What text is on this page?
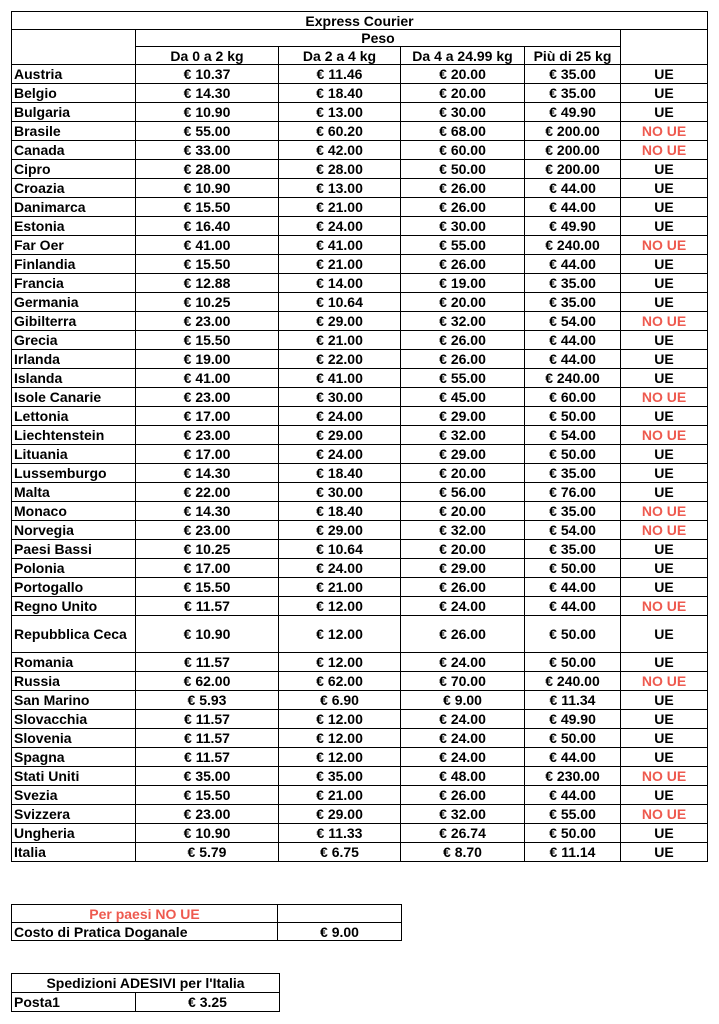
Express Courier					
	Peso				
	Da 0 a 2 kg	Da 2 a 4 kg	Da 4 a 24.99 kg	Più di 25 kg	
Austria	€ 10.37	€ 11.46	€ 20.00	€ 35.00	UE
Belgio	€ 14.30	€ 18.40	€ 20.00	€ 35.00	UE
Bulgaria	€ 10.90	€ 13.00	€ 30.00	€ 49.90	UE
Brasile	€ 55.00	€ 60.20	€ 68.00	€ 200.00	NO UE
Canada	€ 33.00	€ 42.00	€ 60.00	€ 200.00	NO UE
Cipro	€ 28.00	€ 28.00	€ 50.00	€ 200.00	UE
Croazia	€ 10.90	€ 13.00	€ 26.00	€ 44.00	UE
Danimarca	€ 15.50	€ 21.00	€ 26.00	€ 44.00	UE
Estonia	€ 16.40	€ 24.00	€ 30.00	€ 49.90	UE
Far Oer	€ 41.00	€ 41.00	€ 55.00	€ 240.00	NO UE
Finlandia	€ 15.50	€ 21.00	€ 26.00	€ 44.00	UE
Francia	€ 12.88	€ 14.00	€ 19.00	€ 35.00	UE
Germania	€ 10.25	€ 10.64	€ 20.00	€ 35.00	UE
Gibilterra	€ 23.00	€ 29.00	€ 32.00	€ 54.00	NO UE
Grecia	€ 15.50	€ 21.00	€ 26.00	€ 44.00	UE
Irlanda	€ 19.00	€ 22.00	€ 26.00	€ 44.00	UE
Islanda	€ 41.00	€ 41.00	€ 55.00	€ 240.00	UE
Isole Canarie	€ 23.00	€ 30.00	€ 45.00	€ 60.00	NO UE
Lettonia	€ 17.00	€ 24.00	€ 29.00	€ 50.00	UE
Liechtenstein	€ 23.00	€ 29.00	€ 32.00	€ 54.00	NO UE
Lituania	€ 17.00	€ 24.00	€ 29.00	€ 50.00	UE
Lussemburgo	€ 14.30	€ 18.40	€ 20.00	€ 35.00	UE
Malta	€ 22.00	€ 30.00	€ 56.00	€ 76.00	UE
Monaco	€ 14.30	€ 18.40	€ 20.00	€ 35.00	NO UE
Norvegia	€ 23.00	€ 29.00	€ 32.00	€ 54.00	NO UE
Paesi Bassi	€ 10.25	€ 10.64	€ 20.00	€ 35.00	UE
Polonia	€ 17.00	€ 24.00	€ 29.00	€ 50.00	UE
Portogallo	€ 15.50	€ 21.00	€ 26.00	€ 44.00	UE
Regno Unito	€ 11.57	€ 12.00	€ 24.00	€ 44.00	NO UE
Repubblica Ceca	€ 10.90	€ 12.00	€ 26.00	€ 50.00	UE
Romania	€ 11.57	€ 12.00	€ 24.00	€ 50.00	UE
Russia	€ 62.00	€ 62.00	€ 70.00	€ 240.00	NO UE
San Marino	€ 5.93	€ 6.90	€ 9.00	€ 11.34	UE
Slovacchia	€ 11.57	€ 12.00	€ 24.00	€ 49.90	UE
Slovenia	€ 11.57	€ 12.00	€ 24.00	€ 50.00	UE
Spagna	€ 11.57	€ 12.00	€ 24.00	€ 44.00	UE
Stati Uniti	€ 35.00	€ 35.00	€ 48.00	€ 230.00	NO UE
Svezia	€ 15.50	€ 21.00	€ 26.00	€ 44.00	UE
Svizzera	€ 23.00	€ 29.00	€ 32.00	€ 55.00	NO UE
Ungheria	€ 10.90	€ 11.33	€ 26.74	€ 50.00	UE
Italia	€ 5.79	€ 6.75	€ 8.70	€ 11.14	UE
Per paesi NO UE	
Costo di Pratica Doganale	€ 9.00
Spedizioni ADESIVI per l'Italia
Posta1	€ 3.25
